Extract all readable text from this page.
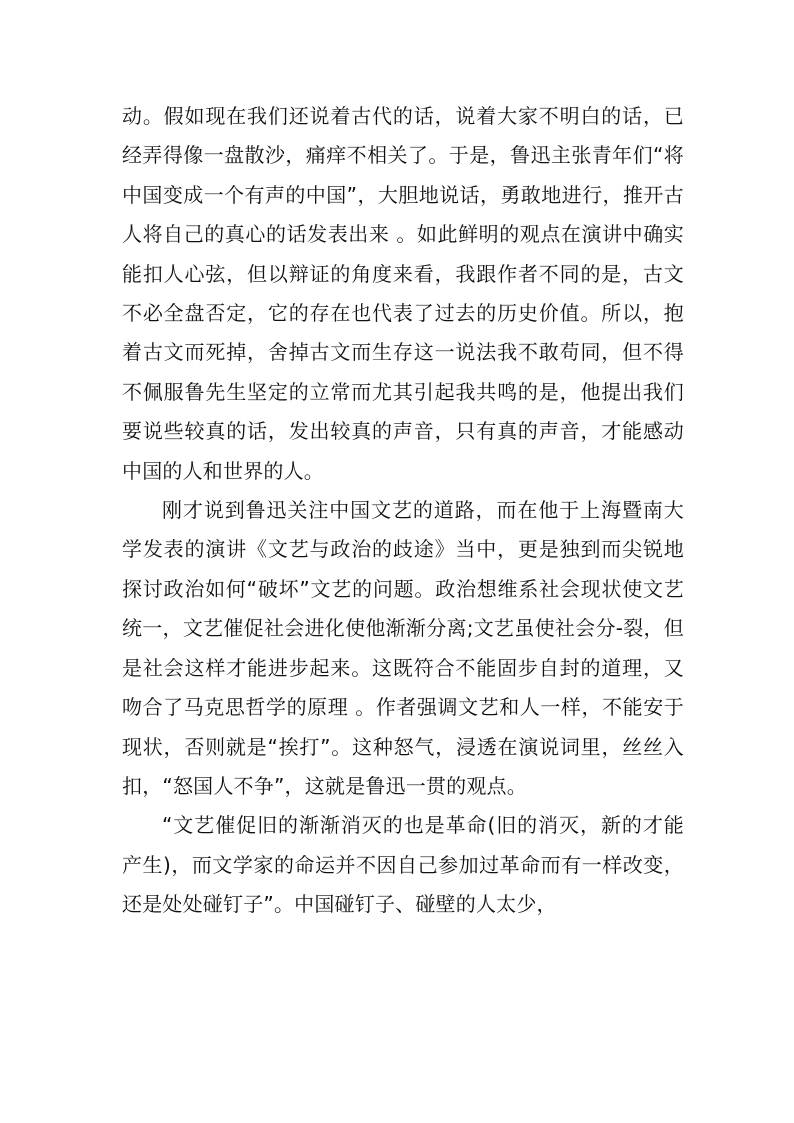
动。假如现在我们还说着古代的话，说着大家不明白的话，已经弄得像一盘散沙，痛痒不相关了。于是，鲁迅主张青年们“将中国变成一个有声的中国”，大胆地说话，勇敢地进行，推开古人将自己的真心的话发表出来 。如此鲜明的观点在演讲中确实能扣人心弦，但以辩证的角度来看，我跟作者不同的是，古文不必全盘否定，它的存在也代表了过去的历史价值。所以，抱着古文而死掉，舍掉古文而生存这一说法我不敢苟同，但不得不佩服鲁先生坚定的立常而尤其引起我共鸣的是，他提出我们要说些较真的话，发出较真的声音，只有真的声音，才能感动中国的人和世界的人。

刚才说到鲁迅关注中国文艺的道路，而在他于上海暨南大学发表的演讲《文艺与政治的歧途》当中，更是独到而尖锐地探讨政治如何“破坏”文艺的问题。政治想维系社会现状使文艺统一，文艺催促社会进化使他渐渐分离;文艺虽使社会分-裂，但是社会这样才能进步起来。这既符合不能固步自封的道理，又吻合了马克思哲学的原理 。作者强调文艺和人一样，不能安于现状，否则就是“挨打”。这种怒气，浸透在演说词里，丝丝入扣，“怒国人不争”，这就是鲁迅一贯的观点。

“文艺催促旧的渐渐消灭的也是革命(旧的消灭，新的才能产生)，而文学家的命运并不因自己参加过革命而有一样改变，还是处处碰钉子”。中国碰钉子、碰壁的人太少，
